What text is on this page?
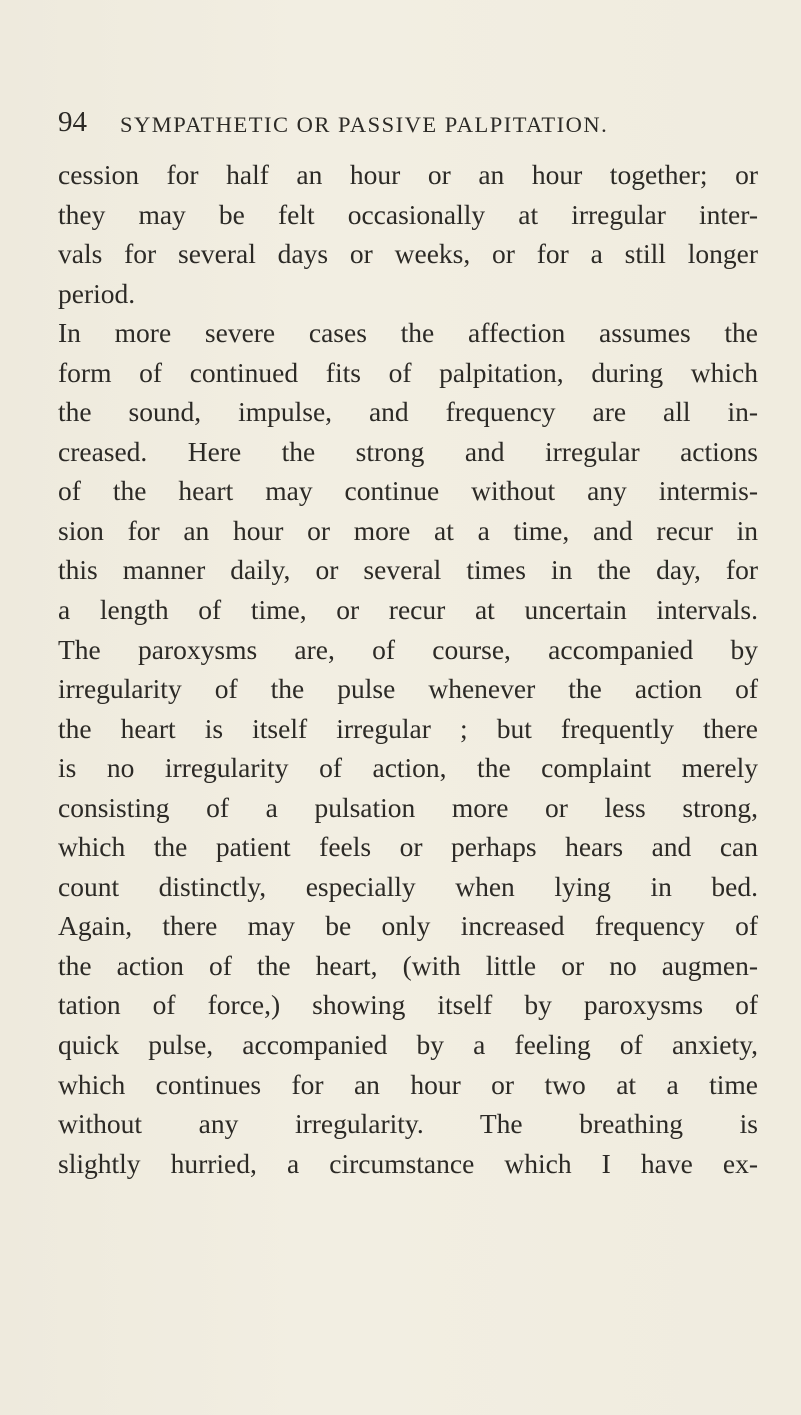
94 SYMPATHETIC OR PASSIVE PALPITATION.
cession for half an hour or an hour together; or
they may be felt occasionally at irregular inter-
vals for several days or weeks, or for a still longer
period.
In more severe cases the affection assumes the
form of continued fits of palpitation, during which
the sound, impulse, and frequency are all in-
creased. Here the strong and irregular actions
of the heart may continue without any intermis-
sion for an hour or more at a time, and recur in
this manner daily, or several times in the day, for
a length of time, or recur at uncertain intervals.
The paroxysms are, of course, accompanied by
irregularity of the pulse whenever the action of
the heart is itself irregular ; but frequently there
is no irregularity of action, the complaint merely
consisting of a pulsation more or less strong,
which the patient feels or perhaps hears and can
count distinctly, especially when lying in bed.
Again, there may be only increased frequency of
the action of the heart, (with little or no augmen-
tation of force,) showing itself by paroxysms of
quick pulse, accompanied by a feeling of anxiety,
which continues for an hour or two at a time
without any irregularity. The breathing is
slightly hurried, a circumstance which I have ex-
